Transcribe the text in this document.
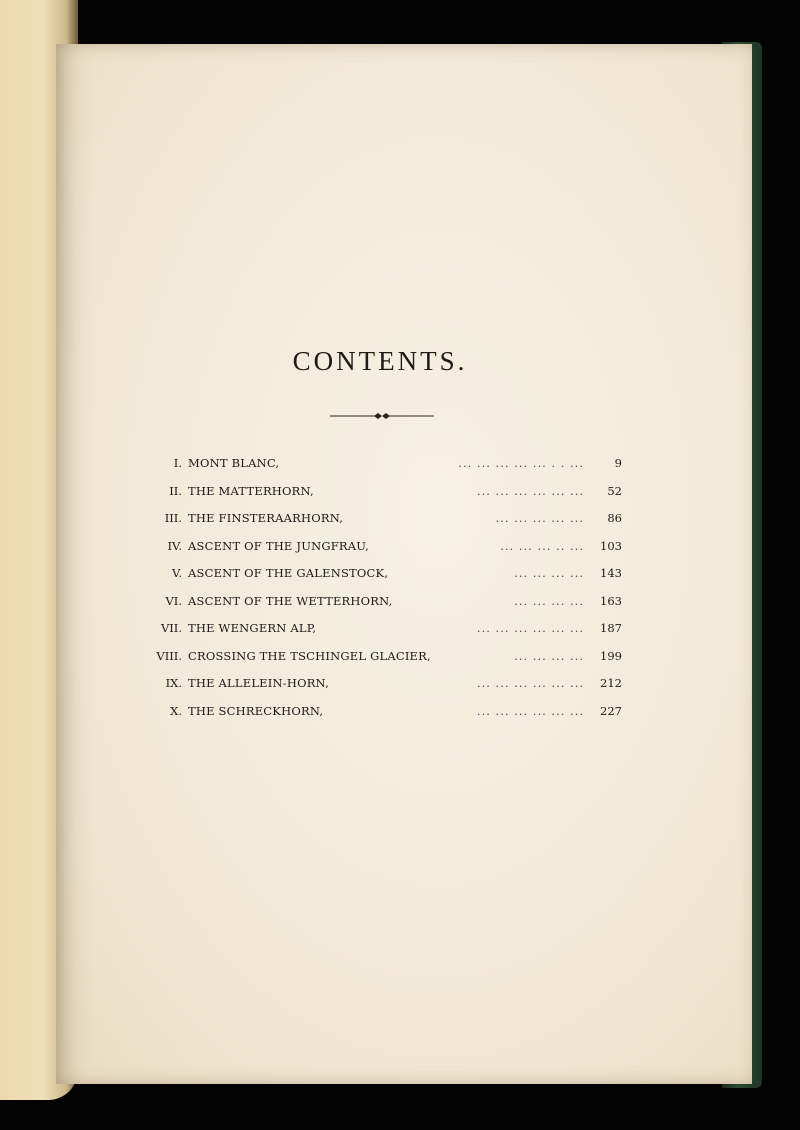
CONTENTS.
I. MONT BLANC,	... ... ... ... ... . . ...	9
II. THE MATTERHORN,	... ... ... ... ... ... 52
III. THE FINSTERAARHORN,	... ... ... ... ... 86
IV. ASCENT OF THE JUNGFRAU,	... ... ... .. ... 103
V. ASCENT OF THE GALENSTOCK,	... ... ... ... 143
VI. ASCENT OF THE WETTERHORN,	... ... ... ... 163
VII. THE WENGERN ALP,	... ... ... ... ... ... 187
VIII. CROSSING THE TSCHINGEL GLACIER,	... ... ... ... 199
IX. THE ALLELEIN-HORN,	... ... ... ... ... ... 212
X. THE SCHRECKHORN,	... ... ... ... ... ... 227
